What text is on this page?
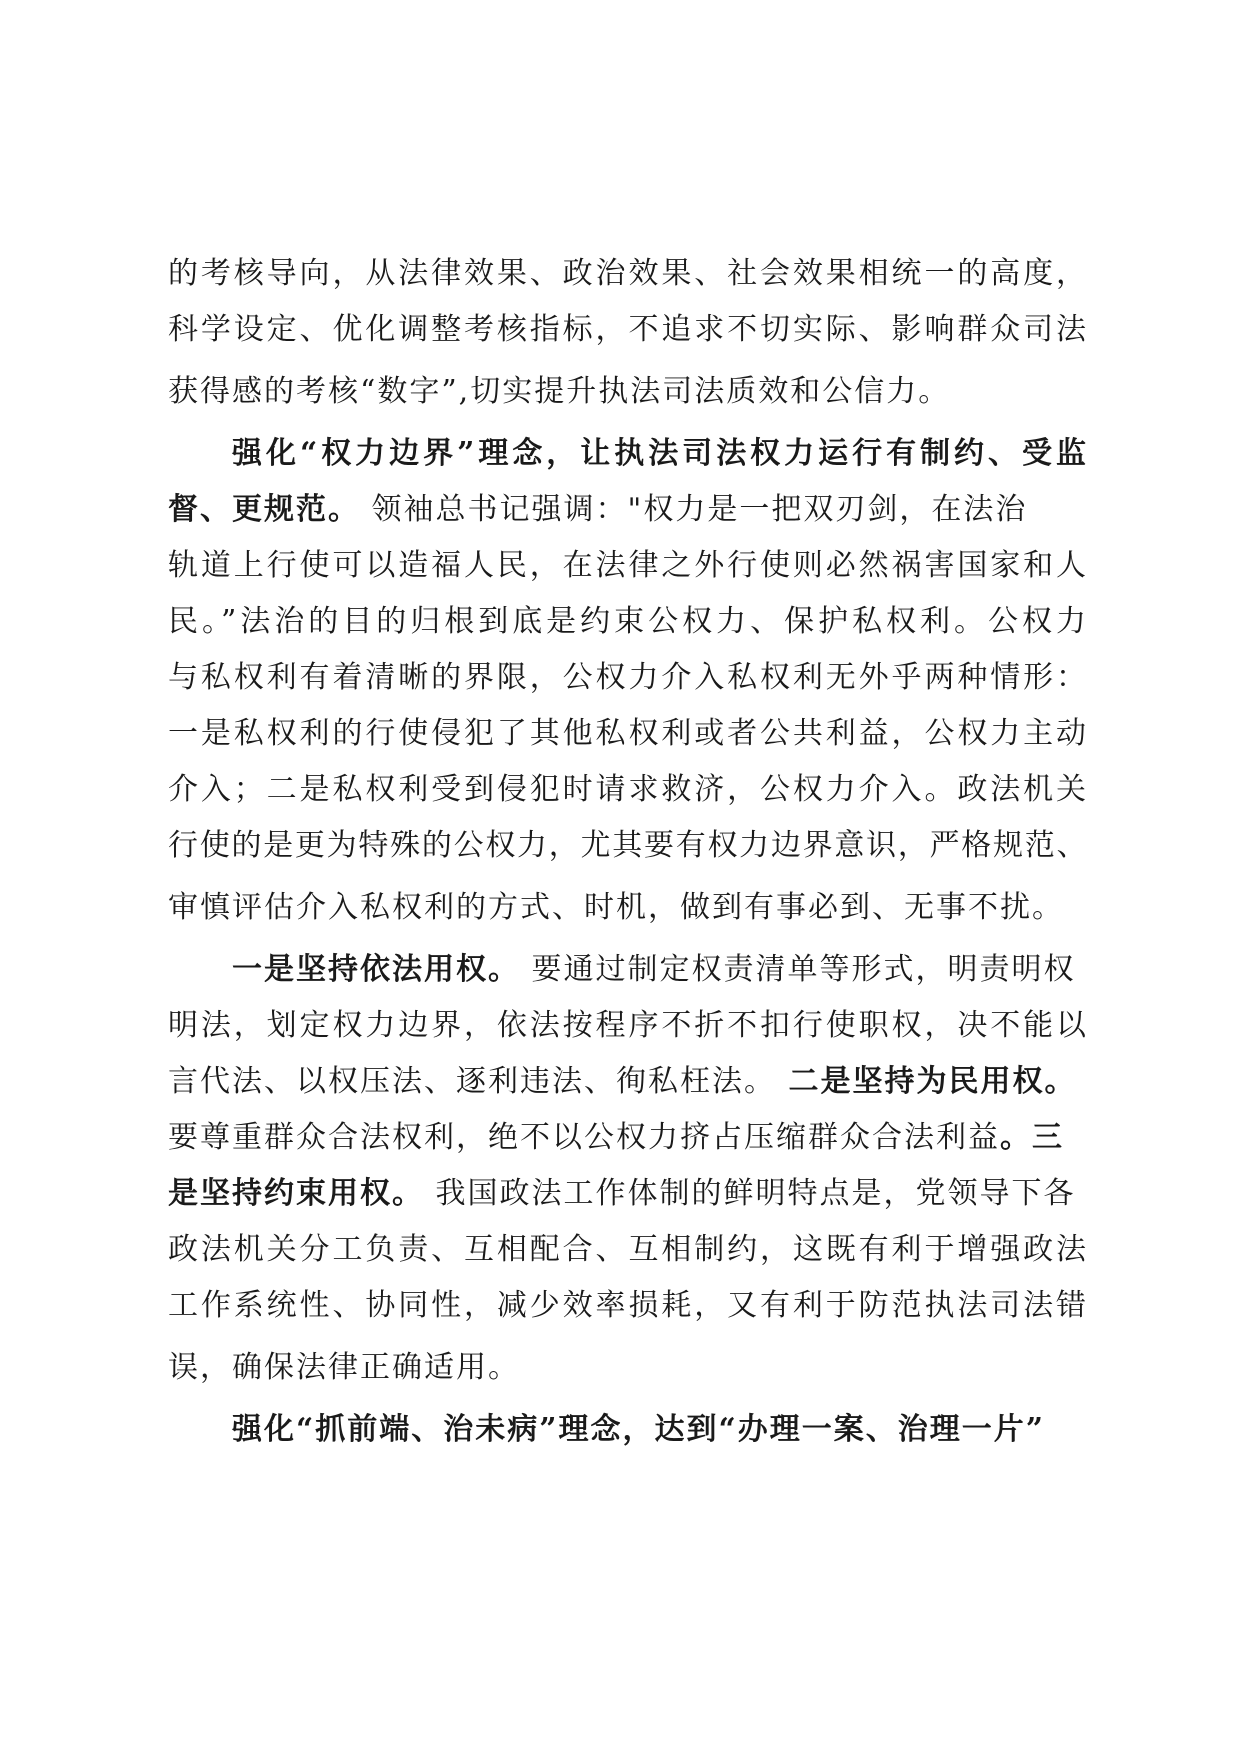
的考核导向，从法律效果、政治效果、社会效果相统一的高度，
科学设定、优化调整考核指标，不追求不切实际、影响群众司法
获得感的考核“数字”,切实提升执法司法质效和公信力。
强化“权力边界”理念，让执法司法权力运行有制约、受监
督、更规范。 领袖总书记强调："权力是一把双刃剑，在法治
轨道上行使可以造福人民，在法律之外行使则必然祸害国家和人
民。”法治的目的归根到底是约束公权力、保护私权利。公权力
与私权利有着清晰的界限，公权力介入私权利无外乎两种情形：
一是私权利的行使侵犯了其他私权利或者公共利益，公权力主动
介入；二是私权利受到侵犯时请求救济，公权力介入。政法机关
行使的是更为特殊的公权力，尤其要有权力边界意识，严格规范、
审慎评估介入私权利的方式、时机，做到有事必到、无事不扰。
一是坚持依法用权。 要通过制定权责清单等形式，明责明权
明法，划定权力边界，依法按程序不折不扣行使职权，决不能以
言代法、以权压法、逐利违法、徇私枉法。 二是坚持为民用权。
要尊重群众合法权利，绝不以公权力挤占压缩群众合法利益。三
是坚持约束用权。 我国政法工作体制的鲜明特点是，党领导下各
政法机关分工负责、互相配合、互相制约，这既有利于增强政法
工作系统性、协同性，减少效率损耗，又有利于防范执法司法错
误，确保法律正确适用。
强化“抓前端、治未病”理念，达到“办理一案、治理一片”
